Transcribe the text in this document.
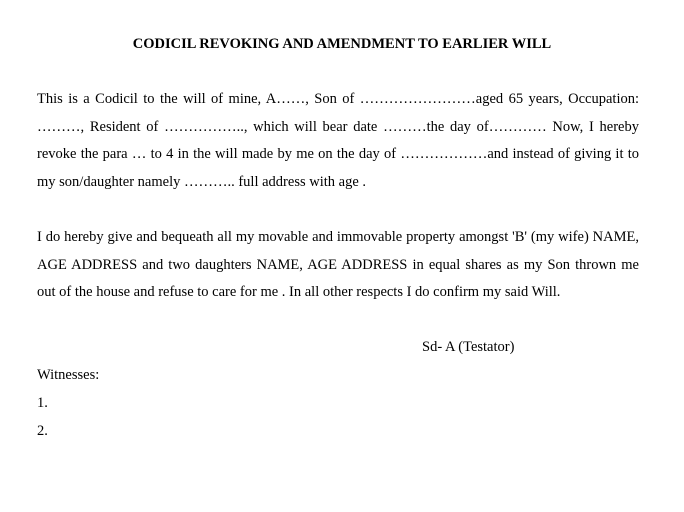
CODICIL REVOKING AND AMENDMENT TO EARLIER WILL
This is a Codicil to the will of mine, A……, Son of ……………………aged 65 years, Occupation: ………, Resident of …………….., which will bear date ………the day of………… Now, I hereby revoke the para … to 4 in the will made by me on the day of ………………and instead of giving it to my son/daughter namely ……….. full address with age .
I do hereby give and bequeath all my movable and immovable property amongst 'B' (my wife) NAME, AGE ADDRESS and two daughters NAME, AGE ADDRESS in equal shares as my Son thrown me out of the house and refuse to care for me . In all other respects I do confirm my said Will.
Sd- A (Testator)
Witnesses:
1.
2.
